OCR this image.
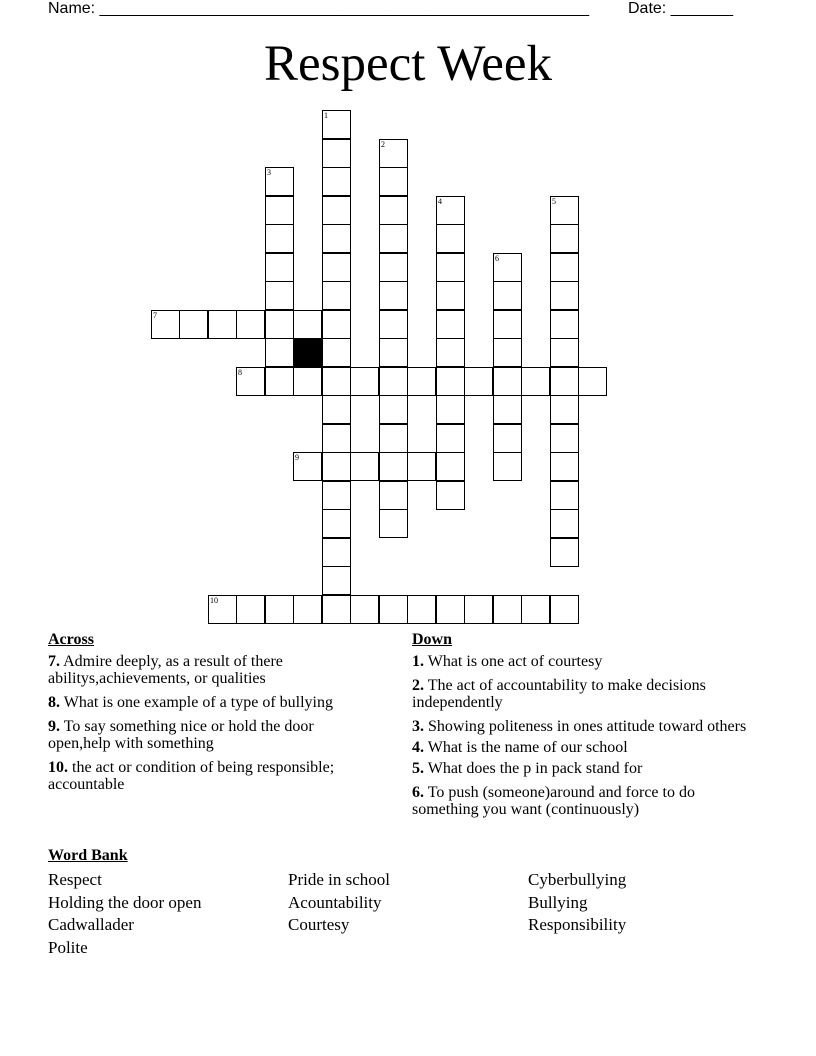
Name: _______________________________________________________ Date: _______
Respect Week
1
2
3
4	5
6
7
8
9
10
Across
7. Admire deeply, as a result of there abilitys,achievements, or qualities
8. What is one example of a type of bullying
9. To say something nice or hold the door open,help with something
10. the act or condition of being responsible; accountable
Down
1. What is one act of courtesy
2. The act of accountability to make decisions independently
3. Showing politeness in ones attitude toward others
4. What is the name of our school
5. What does the p in pack stand for
6. To push (someone)around and force to do something you want (continuously)
Word Bank
Respect
Holding the door open
Cadwallader
Polite
Pride in school
Acountability
Courtesy
Cyberbullying
Bullying
Responsibility
